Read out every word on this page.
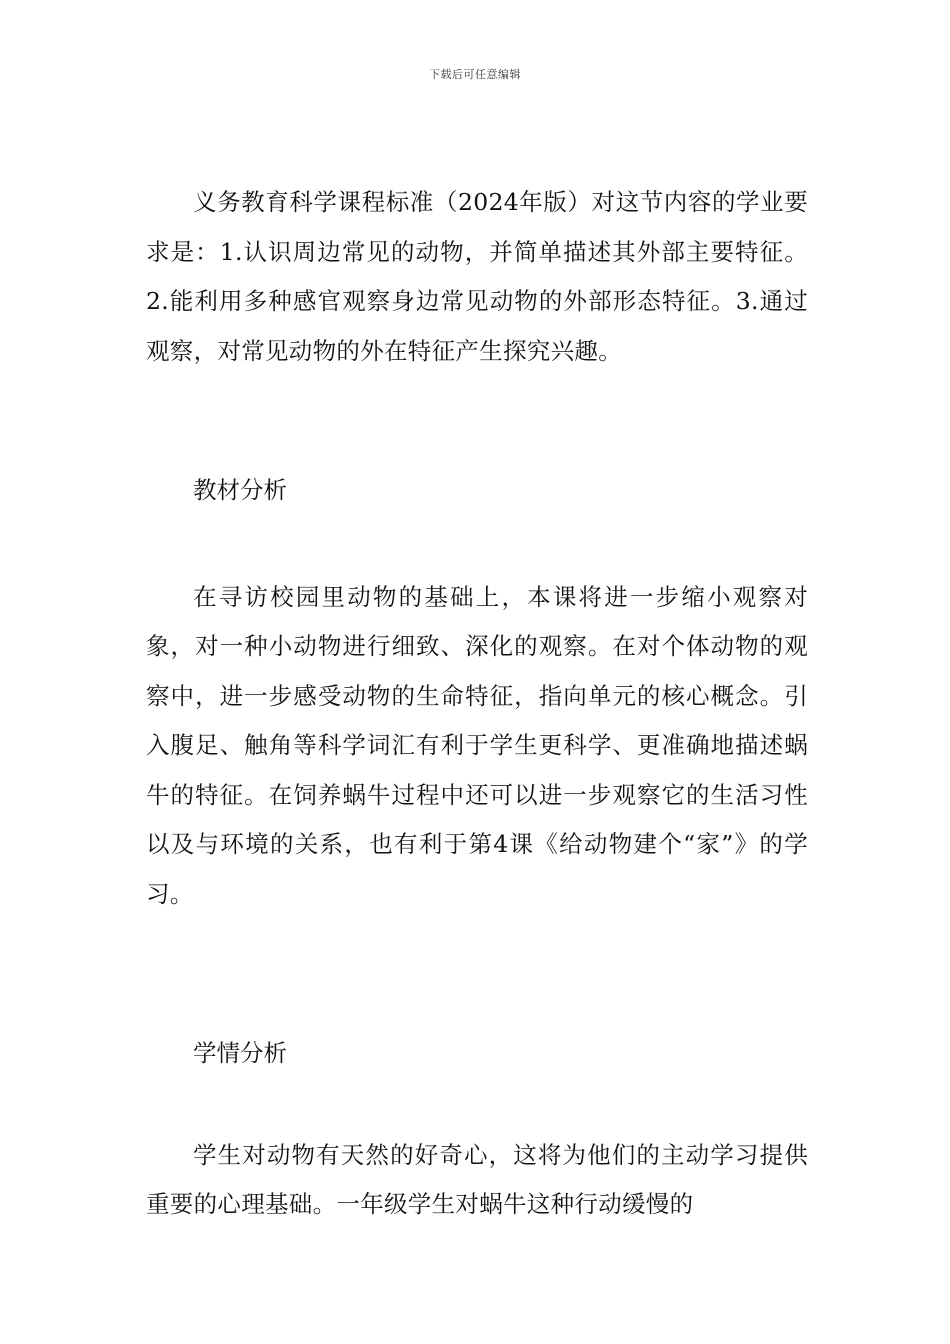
下载后可任意编辑

义务教育科学课程标准（2024年版）对这节内容的学业要求是：1.认识周边常见的动物，并简单描述其外部主要特征。2.能利用多种感官观察身边常见动物的外部形态特征。3.通过观察，对常见动物的外在特征产生探究兴趣。

教材分析

在寻访校园里动物的基础上，本课将进一步缩小观察对象，对一种小动物进行细致、深化的观察。在对个体动物的观察中，进一步感受动物的生命特征，指向单元的核心概念。引入腹足、触角等科学词汇有利于学生更科学、更准确地描述蜗牛的特征。在饲养蜗牛过程中还可以进一步观察它的生活习性以及与环境的关系，也有利于第4课《给动物建个“家”》的学习。

学情分析

学生对动物有天然的好奇心，这将为他们的主动学习提供重要的心理基础。一年级学生对蜗牛这种行动缓慢的
